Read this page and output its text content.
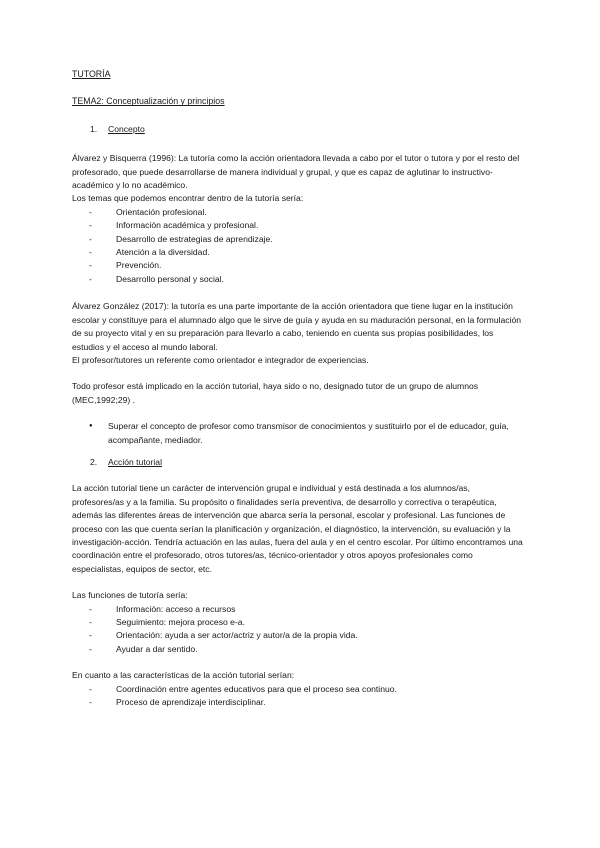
TUTORÍA

TEMA2: Conceptualización y principios

1. Concepto

Álvarez y Bisquerra (1996): La tutoría como la acción orientadora llevada a cabo por el tutor o tutora y por el resto del profesorado, que puede desarrollarse de manera individual y grupal, y que es capaz de aglutinar lo instructivo- académico y lo no académico.

Los temas que podemos encontrar dentro de la tutoría sería:

- Orientación profesional.
- Información académica y profesional.
- Desarrollo de estrategias de aprendizaje.
- Atención a la diversidad.
- Prevención.
- Desarrollo personal y social.

Álvarez González (2017): la tutoría es una parte importante de la acción orientadora que tiene lugar en la institución escolar y constituye para el alumnado algo que le sirve de guía y ayuda en su maduración personal, en la formulación de su proyecto vital y en su preparación para llevarlo a cabo, teniendo en cuenta sus propias posibilidades, los estudios y el acceso al mundo laboral.

El profesor/tutores un referente como orientador e integrador de experiencias.

Todo profesor está implicado en la acción tutorial, haya sido o no, designado tutor de un grupo de alumnos (MEC,1992;29) .

● Superar el concepto de profesor como transmisor de conocimientos y sustituirlo por el de educador, guía, acompañante, mediador.
2. Acción tutorial

La acción tutorial tiene un carácter de intervención grupal e individual y está destinada a los alumnos/as, profesores/as y a la familia. Su propósito o finalidades sería preventiva, de desarrollo y correctiva o terapéutica, además las diferentes áreas de intervención que abarca sería la personal, escolar y profesional. Las funciones de proceso con las que cuenta serían la planificación y organización, el diagnóstico, la intervención, su evaluación y la investigación-acción. Tendría actuación en las aulas, fuera del aula y en el centro escolar. Por último encontramos una coordinación entre el profesorado, otros tutores/as, técnico-orientador y otros apoyos profesionales como especialistas, equipos de sector, etc.

Las funciones de tutoría sería:

- Información: acceso a recursos
- Seguimiento: mejora proceso e-a.
- Orientación: ayuda a ser actor/actriz y autor/a de la propia vida.
- Ayudar a dar sentido.

En cuanto a las características de la acción tutorial serían:

- Coordinación entre agentes educativos para que el proceso sea continuo.
- Proceso de aprendizaje interdisciplinar.
